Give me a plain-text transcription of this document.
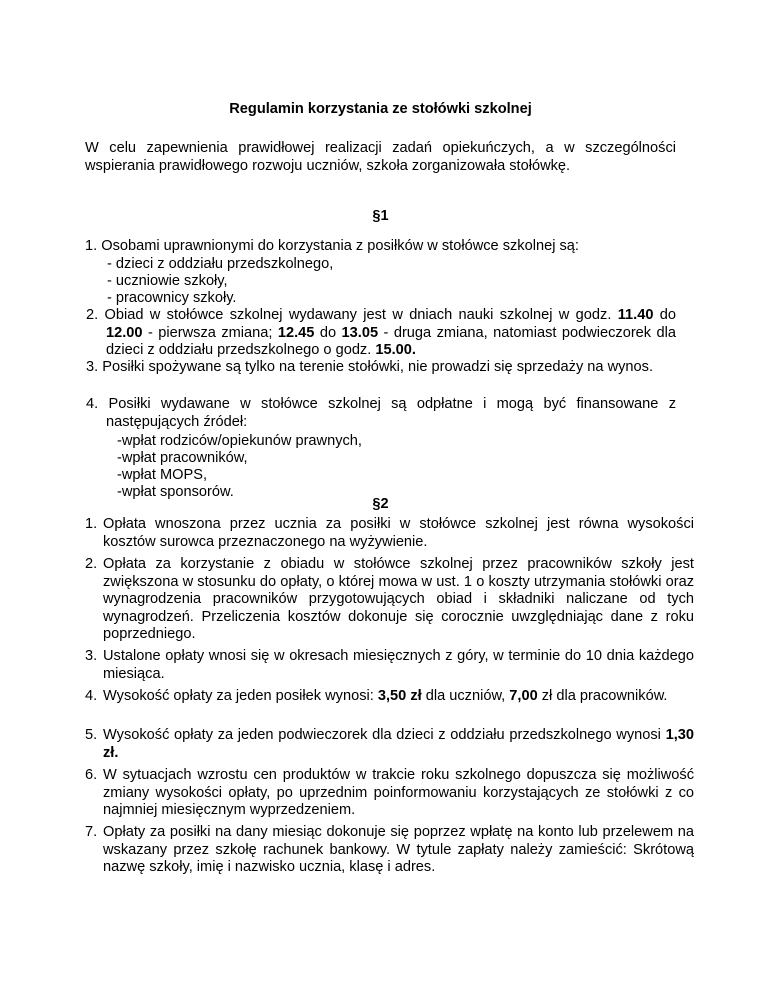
Regulamin korzystania ze stołówki szkolnej
W celu zapewnienia prawidłowej realizacji zadań opiekuńczych, a w szczególności wspierania prawidłowego rozwoju uczniów, szkoła zorganizowała stołówkę.
§1
1. Osobami uprawnionymi do korzystania z posiłków w stołówce szkolnej są:
- dzieci z oddziału przedszkolnego,
- uczniowie szkoły,
- pracownicy szkoły.
2. Obiad w stołówce szkolnej wydawany jest w dniach nauki szkolnej w godz. 11.40 do 12.00 - pierwsza zmiana; 12.45 do 13.05 - druga zmiana, natomiast podwieczorek dla dzieci z oddziału przedszkolnego o godz. 15.00.
3. Posiłki spożywane są tylko na terenie stołówki, nie prowadzi się sprzedaży na wynos.
4. Posiłki wydawane w stołówce szkolnej są odpłatne i mogą być finansowane z następujących źródeł:
-wpłat rodziców/opiekunów prawnych,
-wpłat pracowników,
-wpłat MOPS,
-wpłat sponsorów.
§2
1. Opłata wnoszona przez ucznia za posiłki w stołówce szkolnej jest równa wysokości kosztów surowca przeznaczonego na wyżywienie.
2. Opłata za korzystanie z obiadu w stołówce szkolnej przez pracowników szkoły jest zwiększona w stosunku do opłaty, o której mowa w ust. 1 o koszty utrzymania stołówki oraz wynagrodzenia pracowników przygotowujących obiad i składniki naliczane od tych wynagrodzeń. Przeliczenia kosztów dokonuje się corocznie uwzględniając dane z roku poprzedniego.
3. Ustalone opłaty wnosi się w okresach miesięcznych z góry, w terminie do 10 dnia każdego miesiąca.
4. Wysokość opłaty za jeden posiłek wynosi: 3,50 zł dla uczniów, 7,00 zł dla pracowników.
5. Wysokość opłaty za jeden podwieczorek dla dzieci z oddziału przedszkolnego wynosi 1,30 zł.
6. W sytuacjach wzrostu cen produktów w trakcie roku szkolnego dopuszcza się możliwość zmiany wysokości opłaty, po uprzednim poinformowaniu korzystających ze stołówki z co najmniej miesięcznym wyprzedzeniem.
7. Opłaty za posiłki na dany miesiąc dokonuje się poprzez wpłatę na konto lub przelewem na wskazany przez szkołę rachunek bankowy. W tytule zapłaty należy zamieścić: Skrótową nazwę szkoły, imię i nazwisko ucznia, klasę i adres.
